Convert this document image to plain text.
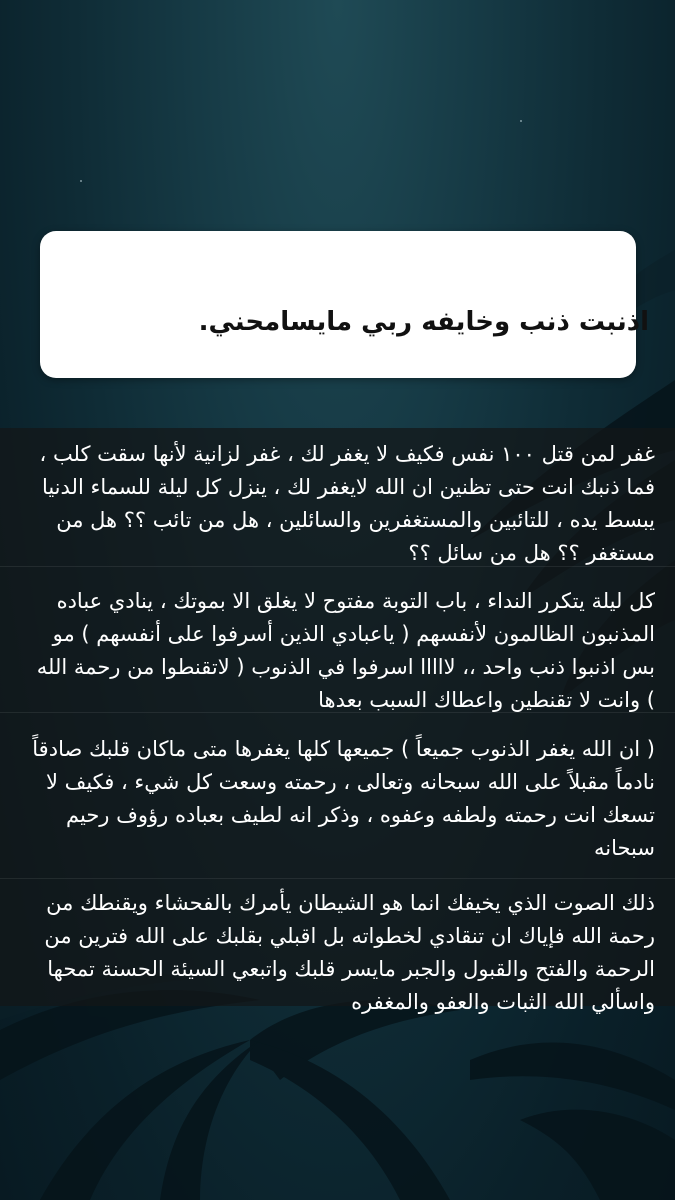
اذنبت ذنب وخايفه ربي مايسامحني.

غفر لمن قتل ١٠٠ نفس فكيف لا يغفر لك ، غفر لزانية لأنها سقت كلب ، فما ذنبك انت حتى تظنين ان الله لايغفر لك ، ينزل كل ليلة للسماء الدنيا يبسط يده ، للتائبين والمستغفرين والسائلين ، هل من تائب ؟؟ هل من مستغفر ؟؟ هل من سائل ؟؟

كل ليلة يتكرر النداء ، باب التوبة مفتوح لا يغلق الا بموتك ، ينادي عباده المذنبون الظالمون لأنفسهم ( ياعبادي الذين أسرفوا على أنفسهم ) مو بس اذنبوا ذنب واحد ،، لااااا اسرفوا في الذنوب ( لاتقنطوا من رحمة الله ) وانت لا تقنطين واعطاك السبب بعدها

( ان الله يغفر الذنوب جميعاً ) جميعها كلها يغفرها متى ماكان قلبك صادقاً نادماً مقبلاً على الله سبحانه وتعالى ، رحمته وسعت كل شيء ، فكيف لا تسعك انت رحمته ولطفه وعفوه ، وذكر انه لطيف بعباده رؤوف رحيم سبحانه

ذلك الصوت الذي يخيفك انما هو الشيطان يأمرك بالفحشاء ويقنطك من رحمة الله فإياك ان تنقادي لخطواته بل اقبلي بقلبك على الله فترين من الرحمة والفتح والقبول والجبر مايسر قلبك واتبعي السيئة الحسنة تمحها واسألي الله الثبات والعفو والمغفره
